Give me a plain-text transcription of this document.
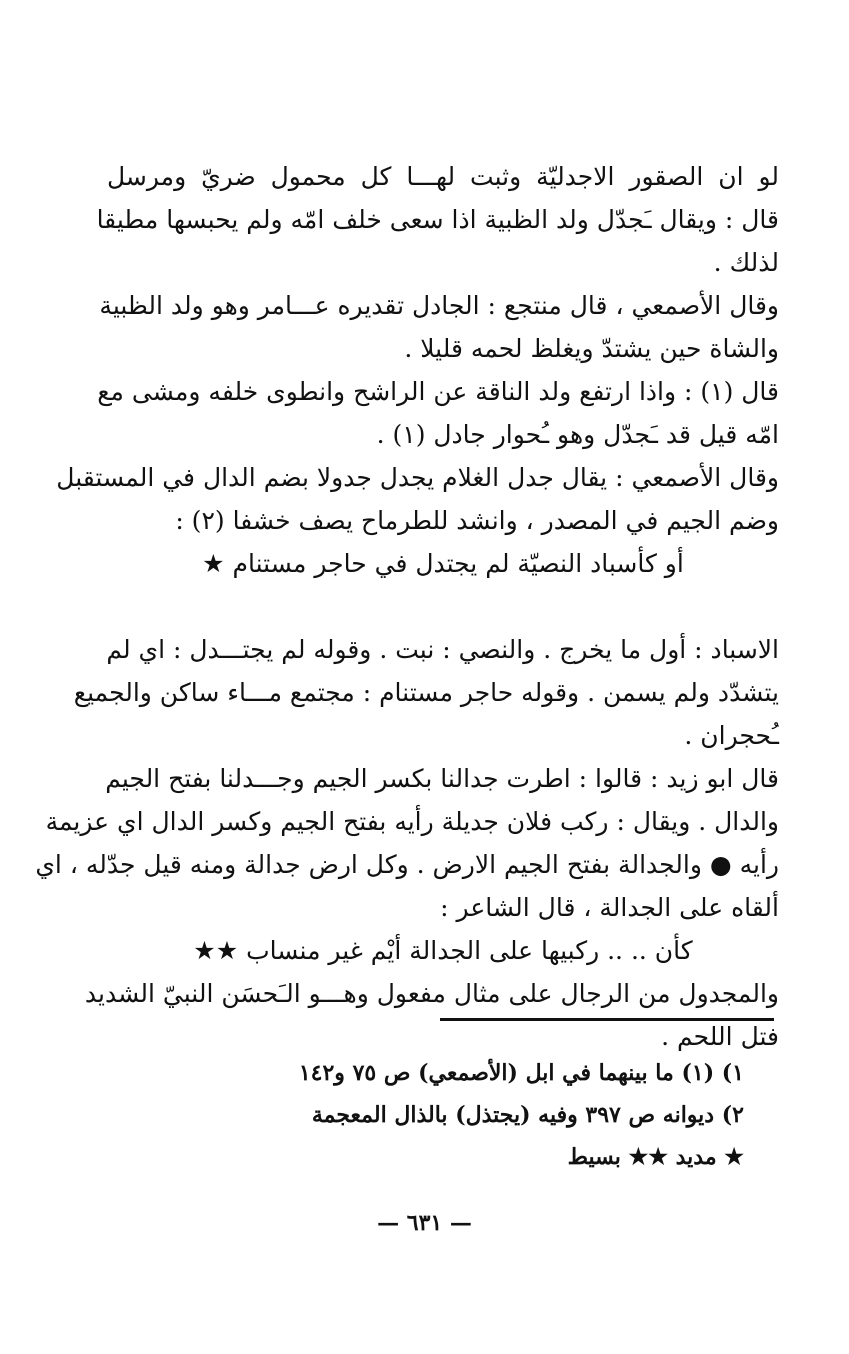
لو ان الصقور الاجدليّة وثبت لهـــا كل محمول ضريّ ومرسل
قال : ويقال ـَجدّل ولد الظبية اذا سعى خلف امّه ولم يحبسها مطيقا
لذلك .
وقال الأصمعي ، قال منتجع : الجادل تقديره عـــامر وهو ولد الظبية
والشاة حين يشتدّ ويغلظ لحمه قليلا .
قال (١) : واذا ارتفع ولد الناقة عن الراشح وانطوى خلفه ومشى مع
امّه قيل قد ـَجدّل وهو ـُحوار جادل (١) .
وقال الأصمعي : يقال جدل الغلام يجدل جدولا بضم الدال في المستقبل
وضم الجيم في المصدر ، وانشد للطرماح يصف خشفا (٢) :
أو كأسباد النصيّة لم يجتدل في حاجر مستنام ★
الاسباد : أول ما يخرج . والنصي : نبت . وقوله لم يجتـــدل : اي لم
يتشدّد ولم يسمن . وقوله حاجر مستنام : مجتمع مـــاء ساكن والجميع
ـُحجران .
قال ابو زيد : قالوا : اطرت جدالنا بكسر الجيم وجـــدلنا بفتح الجيم
والدال . ويقال : ركب فلان جديلة رأيه بفتح الجيم وكسر الدال اي عزيمة
رأيه ● والجدالة بفتح الجيم الارض . وكل ارض جدالة ومنه قيل جدّله ، اي
ألقاه على الجدالة ، قال الشاعر :
كأن .. .. ركبيها على الجدالة أيْم غير منساب ★★
والمجدول من الرجال على مثال مفعول وهـــو الـَحسَن النبيّ الشديد
فتل اللحم .
١) (١) ما بينهما في ابل (الأصمعي) ص ٧٥ و١٤٢
٢) ديوانه ص ٣٩٧ وفيه (يجتذل) بالذال المعجمة
★ مديد ★★ بسيط
— ٦٣١ —
